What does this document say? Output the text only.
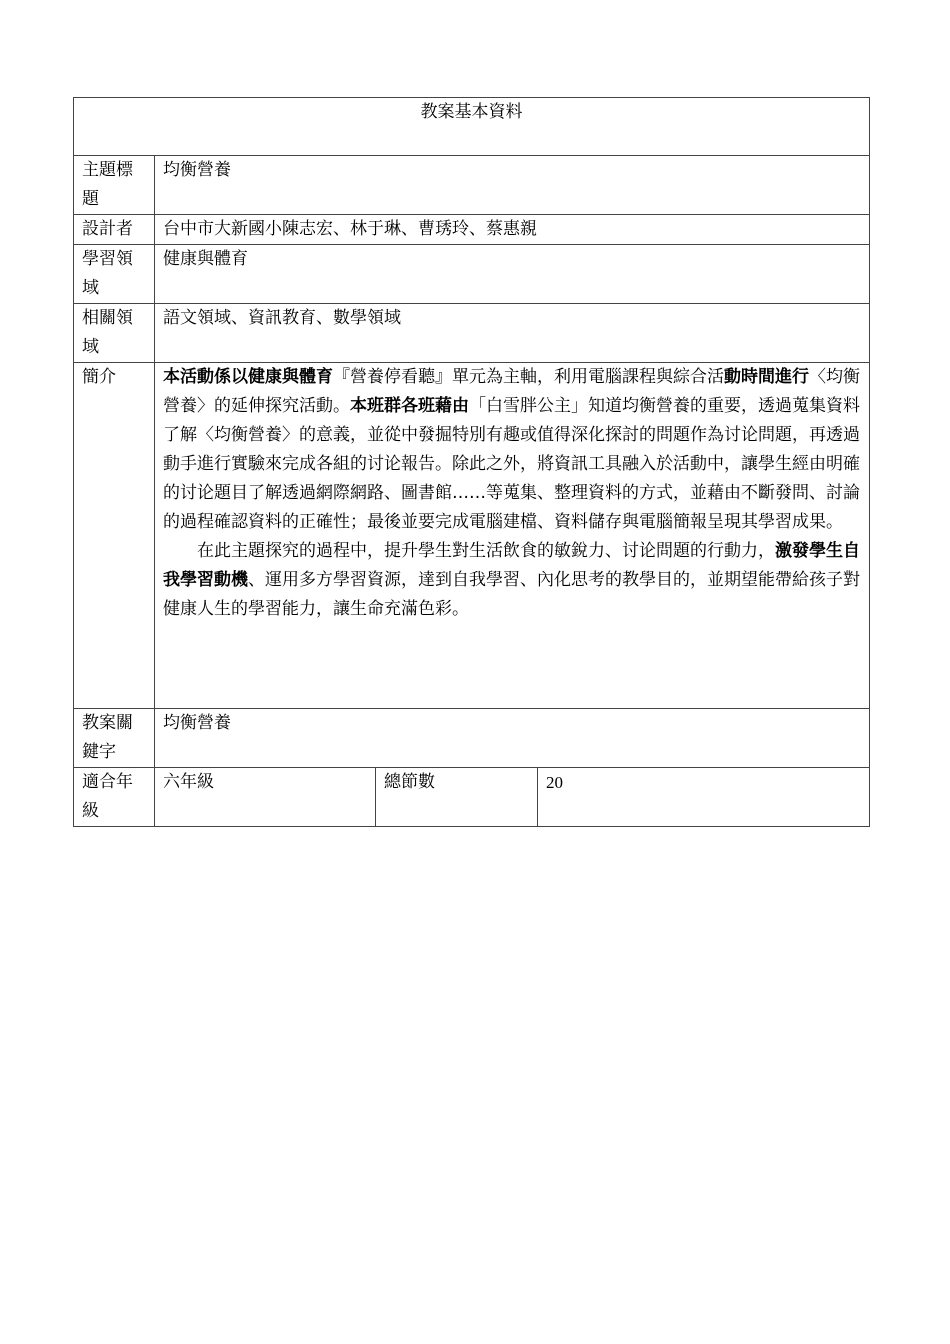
教案基本資料			
主題標題	均衡營養		
設計者	台中市大新國小陳志宏、林于琳、曹琇玲、蔡惠親		
學習領域	健康與體育		
相關領域	語文領域、資訊教育、數學領域		
簡介	本活動係以健康與體育『營養停看聽』單元為主軸，利用電腦課程與綜合活動時間進行〈均衡營養〉的延伸探究活動。本班群各班藉由「白雪胖公主」知道均衡營養的重要，透過蒐集資料了解〈均衡營養〉的意義，並從中發掘特別有趣或值得深化探討的問題作為讨论問題，再透過動手進行實驗來完成各組的讨论報告。除此之外，將資訊工具融入於活動中，讓學生經由明確的讨论題目了解透過網際網路、圖書館……等蒐集、整理資料的方式，並藉由不斷發問、討論的過程確認資料的正確性；最後並要完成電腦建檔、資料儲存與電腦簡報呈現其學習成果。

在此主題探究的過程中，提升學生對生活飲食的敏銳力、讨论問題的行動力，激發學生自我學習動機、運用多方學習資源，達到自我學習、內化思考的教學目的，並期望能帶給孩子對健康人生的學習能力，讓生命充滿色彩。		

教案關鍵字	均衡營養		
適合年級	六年級	總節數	20
